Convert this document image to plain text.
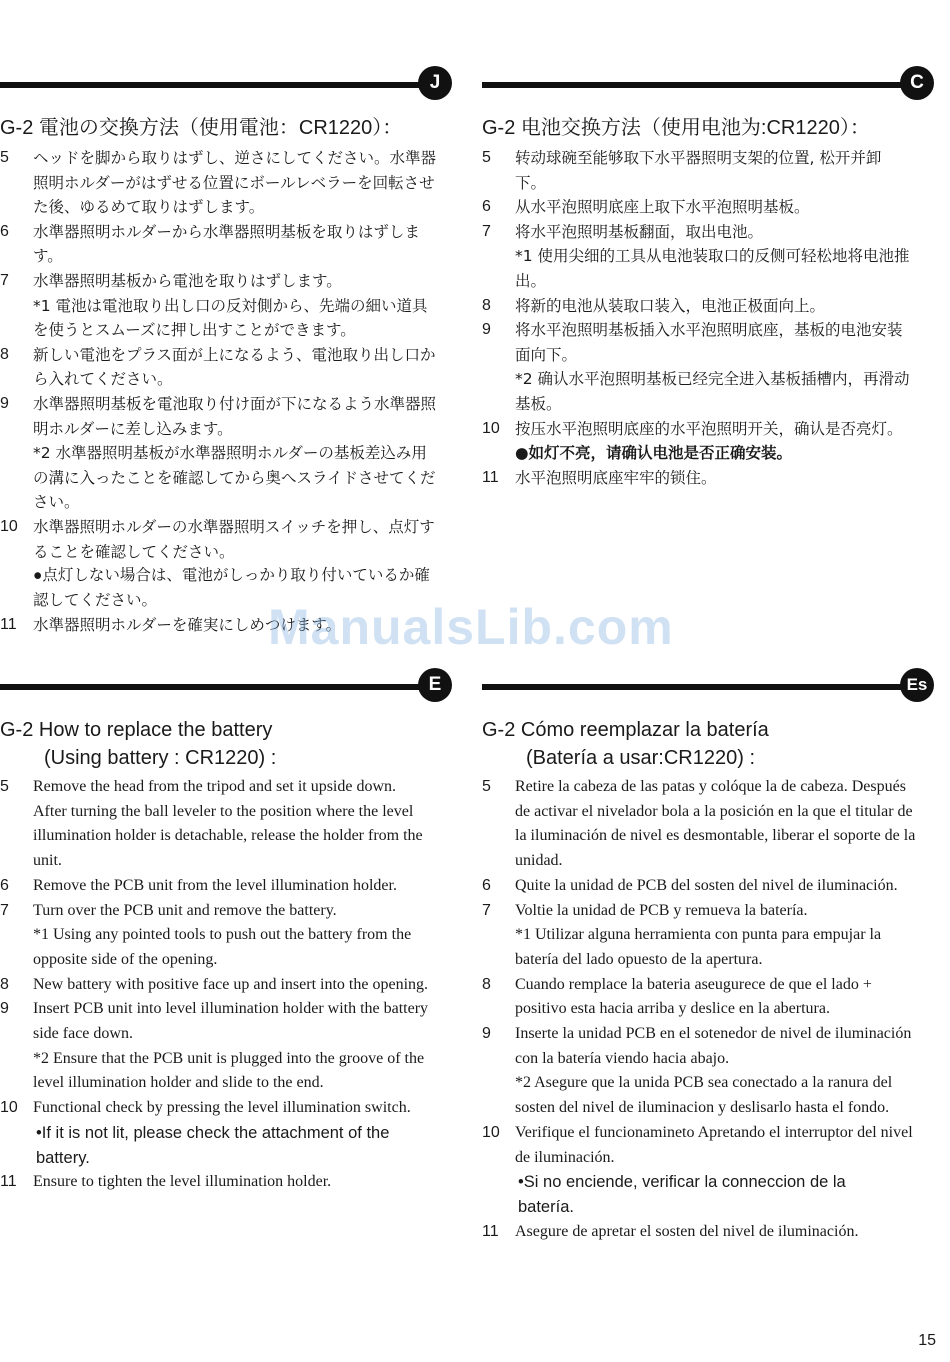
J
G-2 電池の交換方法（使用電池：CR1220）：
5	ヘッドを脚から取りはずし、逆さにしてください。水準器照明ホルダーがはずせる位置にボールレベラーを回転させた後、ゆるめて取りはずします。
6	水準器照明ホルダーから水準器照明基板を取りはずします。
7	水準器照明基板から電池を取りはずします。
*1 電池は電池取り出し口の反対側から、先端の細い道具を使うとスムーズに押し出すことができます。
8	新しい電池をプラス面が上になるよう、電池取り出し口から入れてください。
9	水準器照明基板を電池取り付け面が下になるよう水準器照明ホルダーに差し込みます。
*2 水準器照明基板が水準器照明ホルダーの基板差込み用の溝に入ったことを確認してから奥へスライドさせてください。
10 水準器照明ホルダーの水準器照明スイッチを押し、点灯することを確認してください。
●点灯しない場合は、電池がしっかり取り付いているか確認してください。
11	水準器照明ホルダーを確実にしめつけます。
C
G-2 电池交换方法（使用电池为:CR1220）：
5	转动球碗至能够取下水平器照明支架的位置, 松开并卸下。
6	从水平泡照明底座上取下水平泡照明基板。
7	将水平泡照明基板翻面，取出电池。
*1 使用尖细的工具从电池装取口的反侧可轻松地将电池推出。
8	将新的电池从装取口装入，电池正极面向上。
9	将水平泡照明基板插入水平泡照明底座，基板的电池安装面向下。
*2 确认水平泡照明基板已经完全进入基板插槽内，再滑动基板。
10 按压水平泡照明底座的水平泡照明开关，确认是否亮灯。
●如灯不亮，请确认电池是否正确安装。
11	水平泡照明底座牢牢的锁住。
E
G-2 How to replace the battery
(Using battery : CR1220) :
5	Remove the head from the tripod and set it upside down. After turning the ball leveler to the position where the level illumination holder is detachable, release the holder from the unit.
6	Remove the PCB unit from the level illumination holder.
7	Turn over the PCB unit and remove the battery.
*1 Using any pointed tools to push out the battery from the opposite side of the opening.
8	New battery with positive face up and insert into the opening.
9	Insert PCB unit into level illumination holder with the battery side face down.
*2 Ensure that the PCB unit is plugged into the groove of the level illumination holder and slide to the end.
10 Functional check by pressing the level illumination switch.
•If it is not lit, please check the attachment of the battery.
11	Ensure to tighten the level illumination holder.
Es
G-2 Cómo reemplazar la batería
(Batería a usar:CR1220) :
5	Retire la cabeza de las patas y colóque la de cabeza. Después de activar el nivelador bola a la posición en la que el titular de la iluminación de nivel es desmontable, liberar el soporte de la unidad.
6	Quite la unidad de PCB del sosten del nivel de iluminación.
7	Voltie la unidad de PCB y remueva la batería.
*1 Utilizar alguna herramienta con punta para empujar la batería del lado opuesto de la apertura.
8	Cuando remplace la bateria aseugurece de que el lado + positivo esta hacia arriba y deslice en la abertura.
9	Inserte la unidad PCB en el sotenedor de nivel de iluminación con la batería viendo hacia abajo.
*2 Asegure que la unida PCB sea conectado a la ranura del sosten del nivel de iluminacion y deslisarlo hasta el fondo.
10 Verifique el funcionamineto Apretando el interruptor del nivel de iluminación.
•Si no enciende, verificar la conneccion de la batería.
11	Asegure de apretar el sosten del nivel de iluminación.
ManualsLib.com
15
